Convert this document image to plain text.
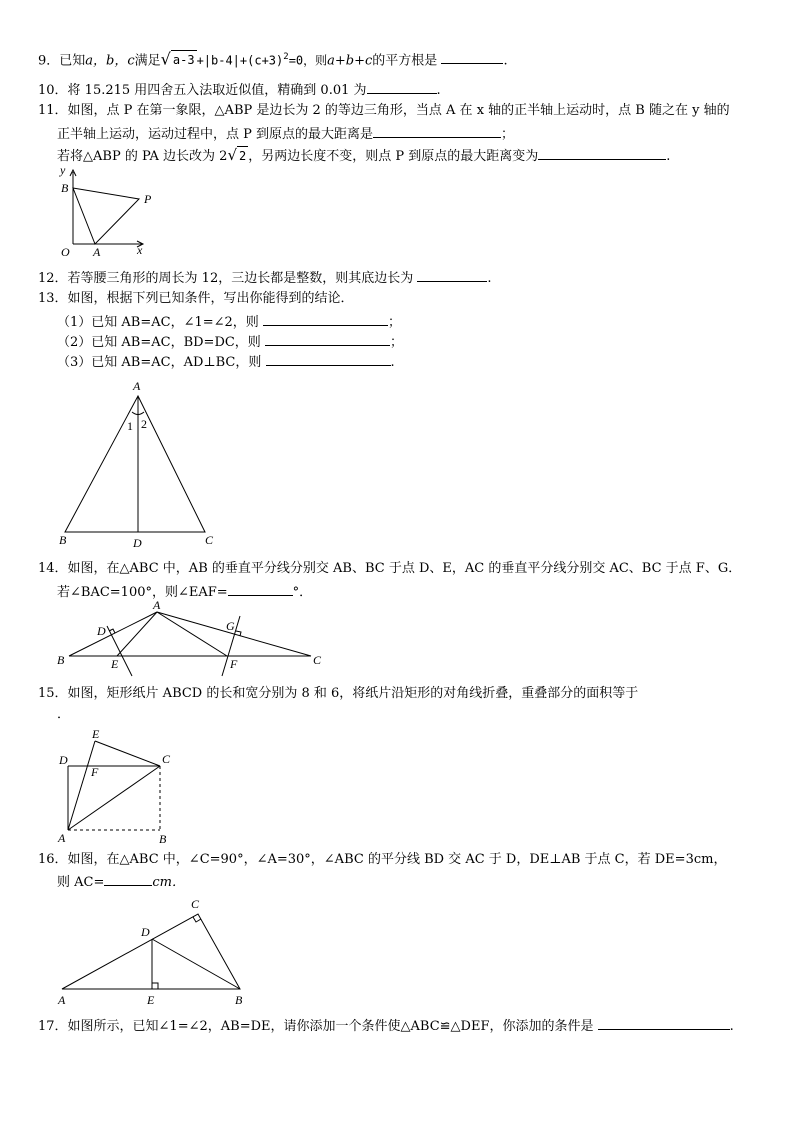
9．已知a，b，c满足√ $a-3 +|b-4|+(c+3)^2=0$，则a+b+c的平方根是	.
10．将 15.215 用四舍五入法取近似值，精确到 0.01 为	.
11．如图，点 P 在第一象限，△ABP 是边长为 2 的等边三角形，当点 A 在 x 轴的正半轴上运动时，点 B 随之在 y 轴的
正半轴上运动，运动过程中，点 P 到原点的最大距离是	；
若将△ABP 的 PA 边长改为 2√ 2 ，另两边长度不变，则点 P 到原点的最大距离变为	.
y
B
P
O A	x
12．若等腰三角形的周长为 12，三边长都是整数，则其底边长为	.
13．如图，根据下列已知条件，写出你能得到的结论．
（1）已知 AB=AC，∠1=∠2，则	；
（2）已知 AB=AC，BD=DC，则	；
（3）已知 AB=AC，AD⊥BC，则	.
A
1 2
B	D	C
14．如图，在△ABC 中，AB 的垂直平分线分别交 AB、BC 于点 D、E，AC 的垂直平分线分别交 AC、BC 于点 F、G．
若∠BAC=100°，则∠EAF=	°．
A
D	G
B	E	F	C
15．如图，矩形纸片 ABCD 的长和宽分别为 8 和 6，将纸片沿矩形的对角线折叠，重叠部分的面积等于
．
E
D
F
C
A	B
16．如图，在△ABC 中，∠C=90°，∠A=30°，∠ABC 的平分线 BD 交 AC 于 D，DE⊥AB 于点 C，若 DE=3cm，
则 AC=	cm．
C
D
A	E	B
17．如图所示，已知∠1=∠2，AB=DE，请你添加一个条件使△ABC≌△DEF，你添加的条件是	.
